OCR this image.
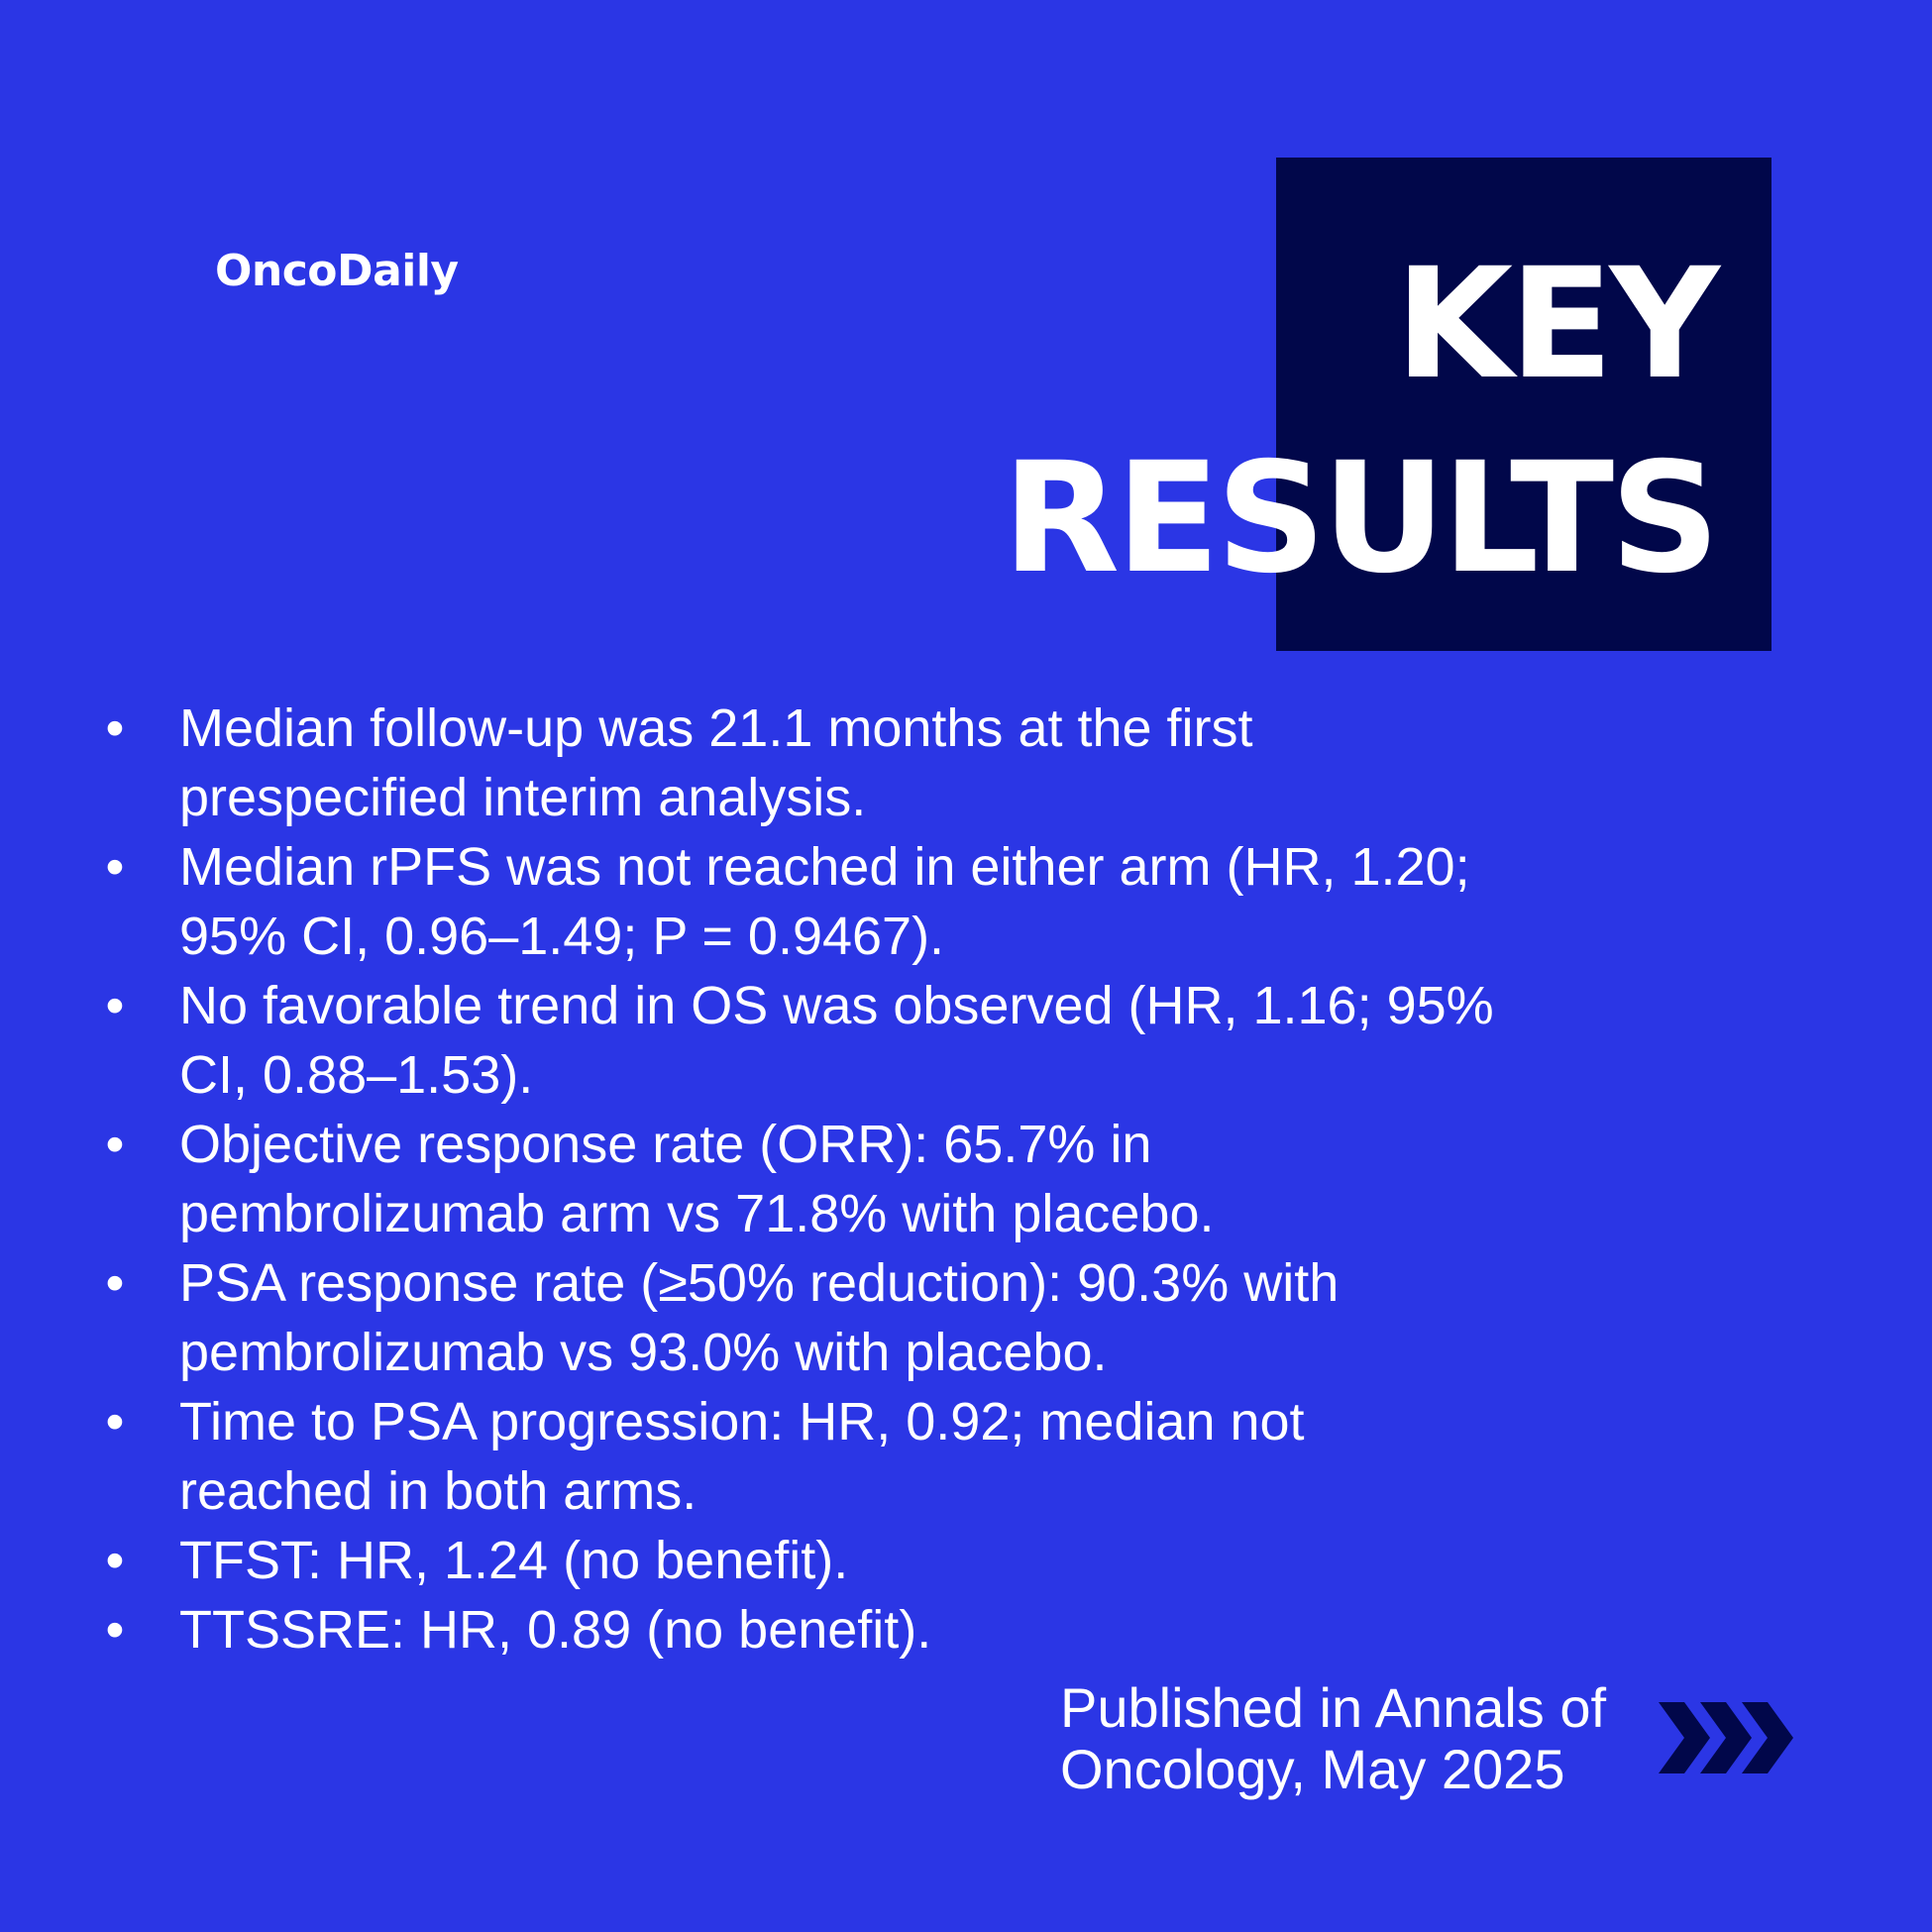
OncoDaily	KEY
RESULTS
• Median follow-up was 21.1 months at the first
prespecified interim analysis.
• Median rPFS was not reached in either arm (HR, 1.20;
95% CI, 0.96–1.49; P = 0.9467).
• No favorable trend in OS was observed (HR, 1.16; 95%
CI, 0.88–1.53).
• Objective response rate (ORR): 65.7% in
pembrolizumab arm vs 71.8% with placebo.
• PSA response rate (≥50% reduction): 90.3% with
pembrolizumab vs 93.0% with placebo.
• Time to PSA progression: HR, 0.92; median not
reached in both arms.
• TFST: HR, 1.24 (no benefit).
• TTSSRE: HR, 0.89 (no benefit).

Published in Annals of
Oncology, May 2025
